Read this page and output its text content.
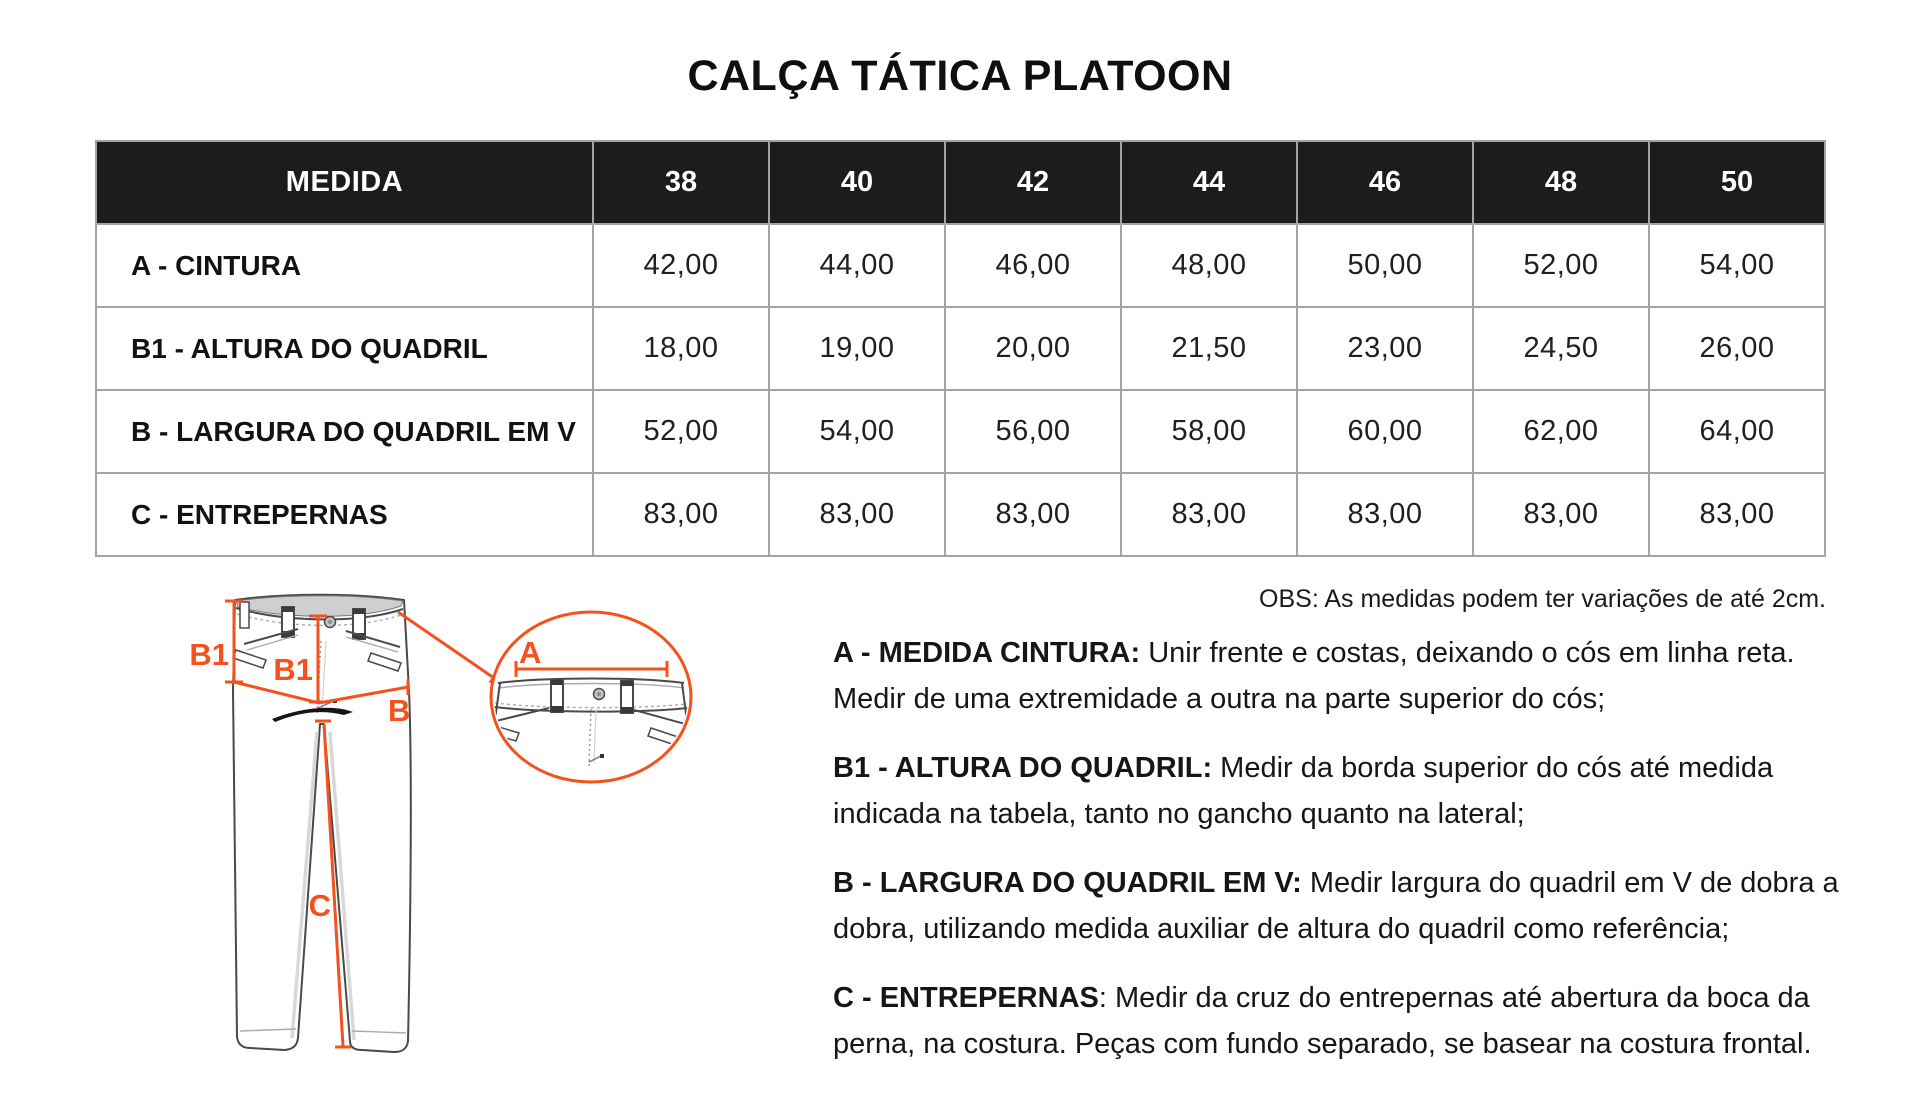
CALÇA TÁTICA PLATOON
MEDIDA	38	40	42	44	46	48	50
A - CINTURA	42,00	44,00	46,00	48,00	50,00	52,00	54,00
B1 - ALTURA DO QUADRIL	18,00	19,00	20,00	21,50	23,00	24,50	26,00
B - LARGURA DO QUADRIL EM V	52,00	54,00	56,00	58,00	60,00	62,00	64,00
C - ENTREPERNAS	83,00	83,00	83,00	83,00	83,00	83,00	83,00
OBS: As medidas podem ter variações de até 2cm.
B1 B1
B
C
A	A - MEDIDA CINTURA: Unir frente e costas, deixando o cós em linha reta.
Medir de uma extremidade a outra na parte superior do cós;

B1 - ALTURA DO QUADRIL: Medir da borda superior do cós até medida
indicada na tabela, tanto no gancho quanto na lateral;

B - LARGURA DO QUADRIL EM V: Medir largura do quadril em V de dobra a
dobra, utilizando medida auxiliar de altura do quadril como referência;

C - ENTREPERNAS: Medir da cruz do entrepernas até abertura da boca da
perna, na costura. Peças com fundo separado, se basear na costura frontal.
